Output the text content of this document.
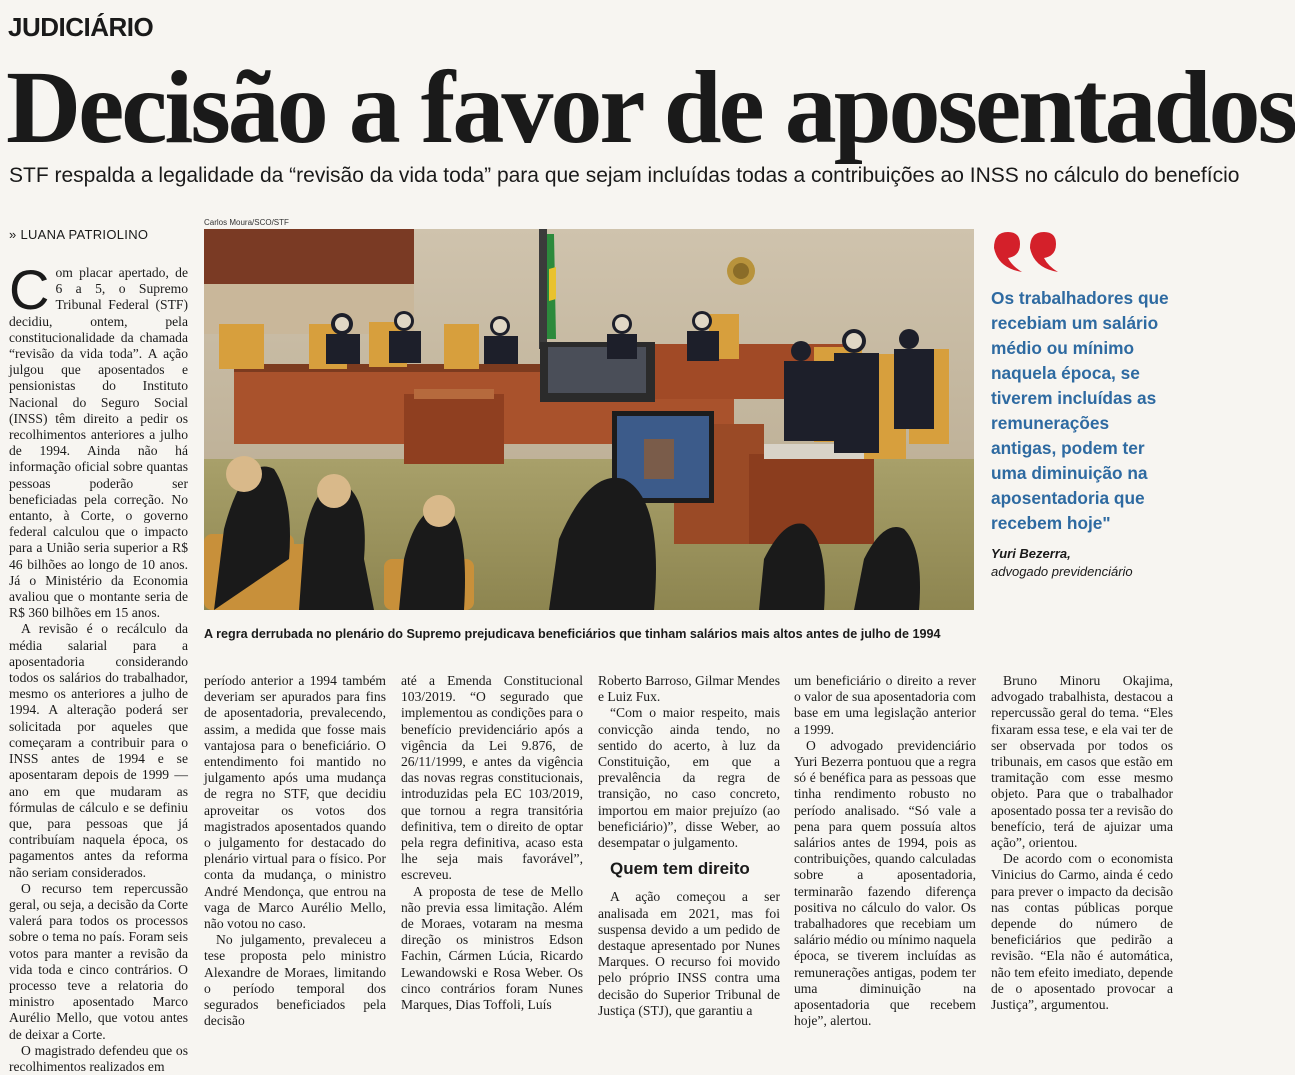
JUDICIÁRIO
Decisão a favor de aposentados
STF respalda a legalidade da “revisão da vida toda” para que sejam incluídas todas a contribuições ao INSS no cálculo do benefício
» LUANA PATRIOLINO
Carlos Moura/SCO/STF
A regra derrubada no plenário do Supremo prejudicava beneficiários que tinham salários mais altos antes de julho de 1994
Os trabalhadores que recebiam um salário médio ou mínimo naquela época, se tiverem incluídas as remunerações antigas, podem ter uma diminuição na aposentadoria que recebem hoje"
Yuri Bezerra,
advogado previdenciário

Com placar apertado, de 6 a 5, o Supremo Tribunal Federal (STF) decidiu, ontem, pela constitucionalidade da chamada “revisão da vida toda”. A ação julgou que aposentados e pensionistas do Instituto Nacional do Seguro Social (INSS) têm direito a pedir os recolhimentos anteriores a julho de 1994. Ainda não há informação oficial sobre quantas pessoas poderão ser beneficiadas pela correção. No entanto, à Corte, o governo federal calculou que o impacto para a União seria superior a R$ 46 bilhões ao longo de 10 anos. Já o Ministério da Economia avaliou que o montante seria de R$ 360 bilhões em 15 anos.

A revisão é o recálculo da média salarial para a aposentadoria considerando todos os salários do trabalhador, mesmo os anteriores a julho de 1994. A alteração poderá ser solicitada por aqueles que começaram a contribuir para o INSS antes de 1994 e se aposentaram depois de 1999 — ano em que mudaram as fórmulas de cálculo e se definiu que, para pessoas que já contribuíam naquela época, os pagamentos antes da reforma não seriam considerados.

O recurso tem repercussão geral, ou seja, a decisão da Corte valerá para todos os processos sobre o tema no país. Foram seis votos para manter a revisão da vida toda e cinco contrários. O processo teve a relatoria do ministro aposentado Marco Aurélio Mello, que votou antes de deixar a Corte.

O magistrado defendeu que os recolhimentos realizados em

período anterior a 1994 também deveriam ser apurados para fins de aposentadoria, prevalecendo, assim, a medida que fosse mais vantajosa para o beneficiário. O entendimento foi mantido no julgamento após uma mudança de regra no STF, que decidiu aproveitar os votos dos magistrados aposentados quando o julgamento for destacado do plenário virtual para o físico. Por conta da mudança, o ministro André Mendonça, que entrou na vaga de Marco Aurélio Mello, não votou no caso.

No julgamento, prevaleceu a tese proposta pelo ministro Alexandre de Moraes, limitando o período temporal dos segurados beneficiados pela decisão

até a Emenda Constitucional 103/2019. “O segurado que implementou as condições para o benefício previdenciário após a vigência da Lei 9.876, de 26/11/1999, e antes da vigência das novas regras constitucionais, introduzidas pela EC 103/2019, que tornou a regra transitória definitiva, tem o direito de optar pela regra definitiva, acaso esta lhe seja mais favorável”, escreveu.

A proposta de tese de Mello não previa essa limitação. Além de Moraes, votaram na mesma direção os ministros Edson Fachin, Cármen Lúcia, Ricardo Lewandowski e Rosa Weber. Os cinco contrários foram Nunes Marques, Dias Toffoli, Luís

Roberto Barroso, Gilmar Mendes e Luiz Fux.

“Com o maior respeito, mais convicção ainda tendo, no sentido do acerto, à luz da Constituição, em que a prevalência da regra de transição, no caso concreto, importou em maior prejuízo (ao beneficiário)”, disse Weber, ao desempatar o julgamento.

Quem tem direito

A ação começou a ser analisada em 2021, mas foi suspensa devido a um pedido de destaque apresentado por Nunes Marques. O recurso foi movido pelo próprio INSS contra uma decisão do Superior Tribunal de Justiça (STJ), que garantiu a

um beneficiário o direito a rever o valor de sua aposentadoria com base em uma legislação anterior a 1999.

O advogado previdenciário Yuri Bezerra pontuou que a regra só é benéfica para as pessoas que tinha rendimento robusto no período analisado. “Só vale a pena para quem possuía altos salários antes de 1994, pois as contribuições, quando calculadas sobre a aposentadoria, terminarão fazendo diferença positiva no cálculo do valor. Os trabalhadores que recebiam um salário médio ou mínimo naquela época, se tiverem incluídas as remunerações antigas, podem ter uma diminuição na aposentadoria que recebem hoje”, alertou.

Bruno Minoru Okajima, advogado trabalhista, destacou a repercussão geral do tema. “Eles fixaram essa tese, e ela vai ter de ser observada por todos os tribunais, em casos que estão em tramitação com esse mesmo objeto. Para que o trabalhador aposentado possa ter a revisão do benefício, terá de ajuizar uma ação”, orientou.

De acordo com o economista Vinicius do Carmo, ainda é cedo para prever o impacto da decisão nas contas públicas porque depende do número de beneficiários que pedirão a revisão. “Ela não é automática, não tem efeito imediato, depende de o aposentado provocar a Justiça”, argumentou.
